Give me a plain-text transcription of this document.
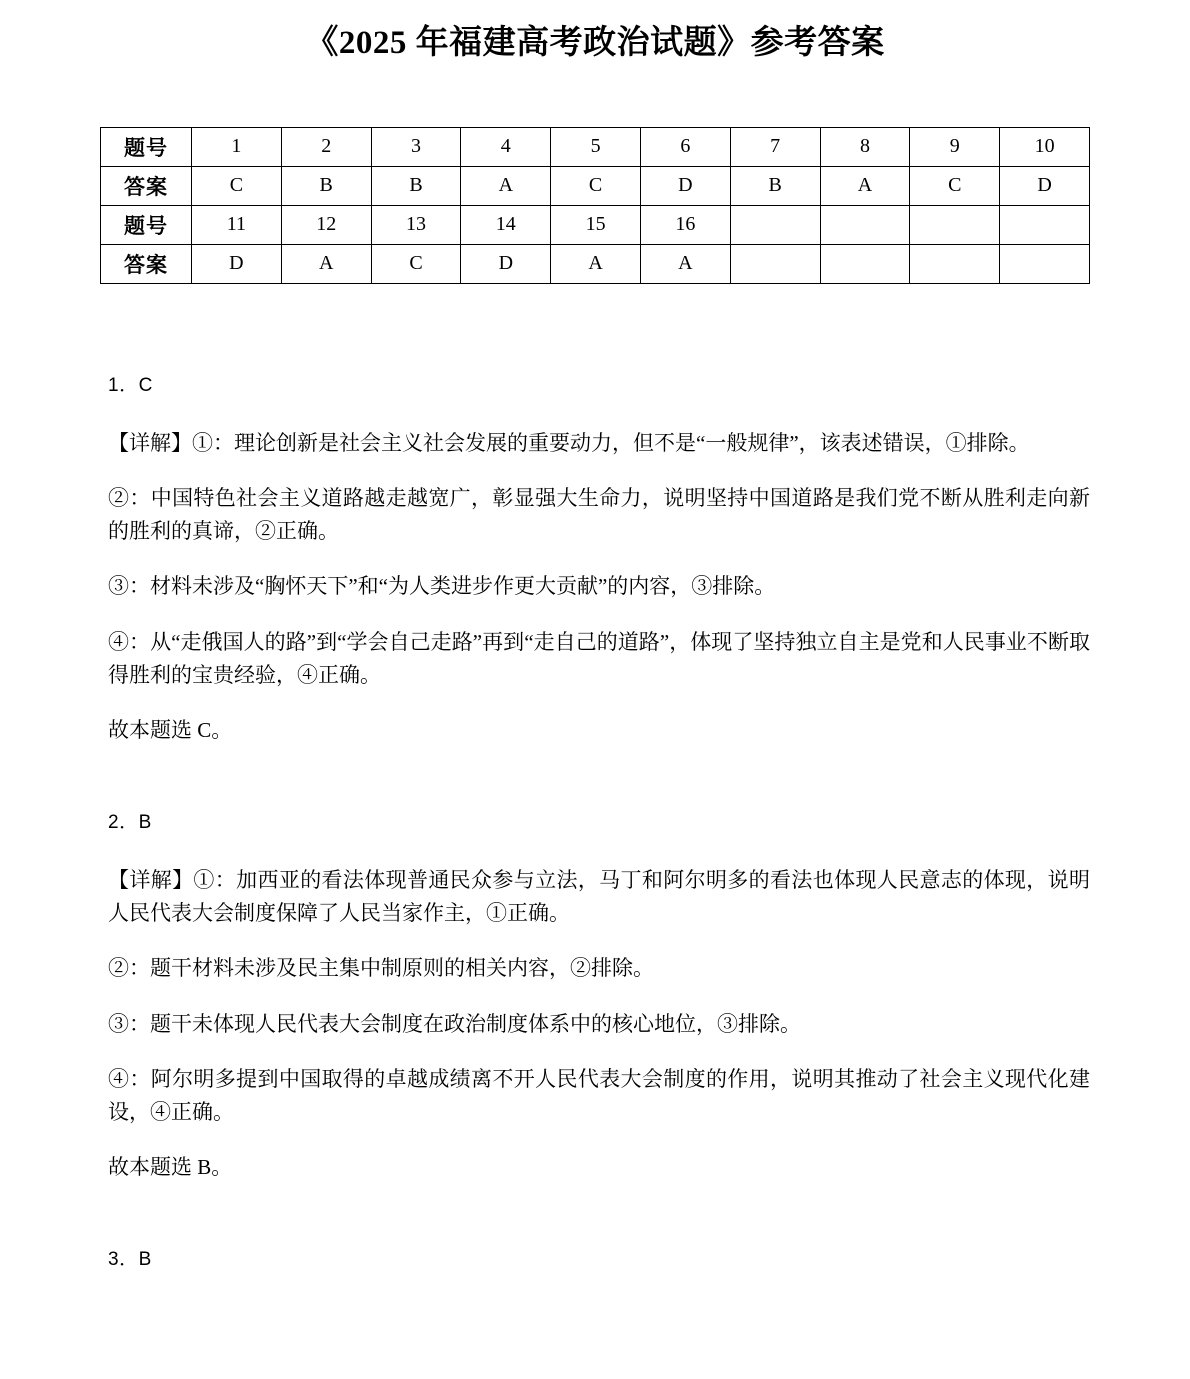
《2025 年福建高考政治试题》参考答案
题号	1	2	3	4	5	6	7	8	9	10
答案	C	B	B	A	C	D	B	A	C	D
题号	11	12	13	14	15	16				
答案	D	A	C	D	A	A				
1．C

【详解】①：理论创新是社会主义社会发展的重要动力，但不是“一般规律”，该表述错误，①排除。

②：中国特色社会主义道路越走越宽广，彰显强大生命力，说明坚持中国道路是我们党不断从胜利走向新的胜利的真谛，②正确。

③：材料未涉及“胸怀天下”和“为人类进步作更大贡献”的内容，③排除。

④：从“走俄国人的路”到“学会自己走路”再到“走自己的道路”，体现了坚持独立自主是党和人民事业不断取得胜利的宝贵经验，④正确。

故本题选 C。

2．B

【详解】①：加西亚的看法体现普通民众参与立法，马丁和阿尔明多的看法也体现人民意志的体现，说明人民代表大会制度保障了人民当家作主，①正确。

②：题干材料未涉及民主集中制原则的相关内容，②排除。

③：题干未体现人民代表大会制度在政治制度体系中的核心地位，③排除。

④：阿尔明多提到中国取得的卓越成绩离不开人民代表大会制度的作用，说明其推动了社会主义现代化建设，④正确。

故本题选 B。

3．B
